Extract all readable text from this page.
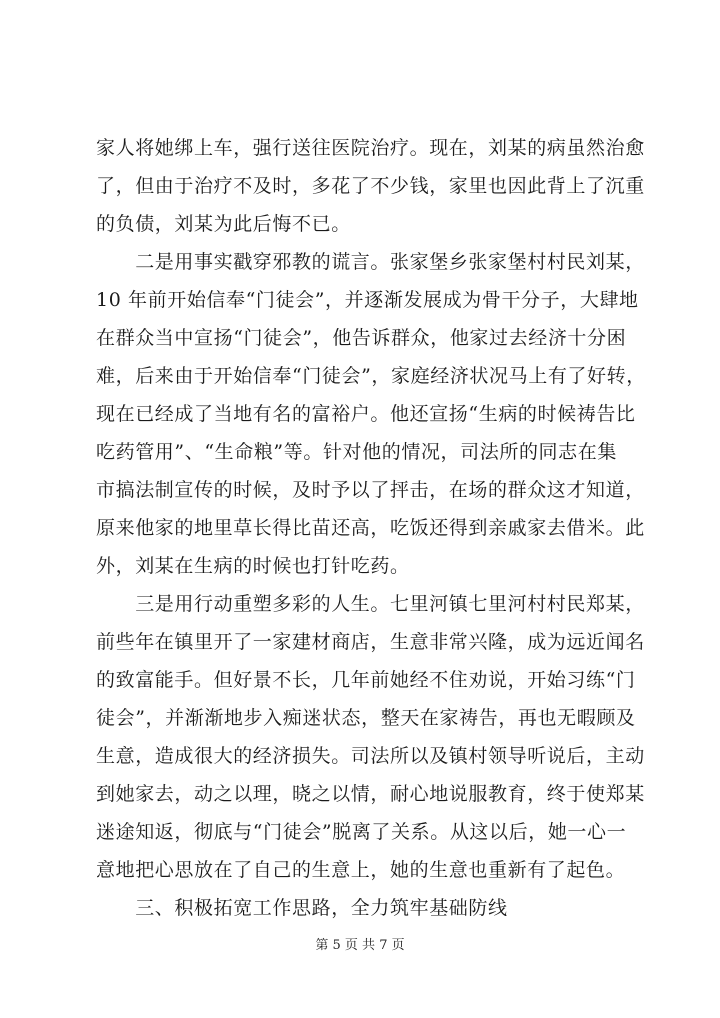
家人将她绑上车，强行送往医院治疗。现在，刘某的病虽然治愈
了，但由于治疗不及时，多花了不少钱，家里也因此背上了沉重
的负债，刘某为此后悔不已。
　　二是用事实戳穿邪教的谎言。张家堡乡张家堡村村民刘某，
10 年前开始信奉“门徒会”，并逐渐发展成为骨干分子，大肆地
在群众当中宣扬“门徒会”，他告诉群众，他家过去经济十分困
难，后来由于开始信奉“门徒会”，家庭经济状况马上有了好转，
现在已经成了当地有名的富裕户。他还宣扬“生病的时候祷告比
吃药管用”、“生命粮”等。针对他的情况，司法所的同志在集
市搞法制宣传的时候，及时予以了抨击，在场的群众这才知道，
原来他家的地里草长得比苗还高，吃饭还得到亲戚家去借米。此
外，刘某在生病的时候也打针吃药。
　　三是用行动重塑多彩的人生。七里河镇七里河村村民郑某，
前些年在镇里开了一家建材商店，生意非常兴隆，成为远近闻名
的致富能手。但好景不长，几年前她经不住劝说，开始习练“门
徒会”，并渐渐地步入痴迷状态，整天在家祷告，再也无暇顾及
生意，造成很大的经济损失。司法所以及镇村领导听说后，主动
到她家去，动之以理，晓之以情，耐心地说服教育，终于使郑某
迷途知返，彻底与“门徒会”脱离了关系。从这以后，她一心一
意地把心思放在了自己的生意上，她的生意也重新有了起色。
　　三、积极拓宽工作思路，全力筑牢基础防线
第 5 页 共 7 页
